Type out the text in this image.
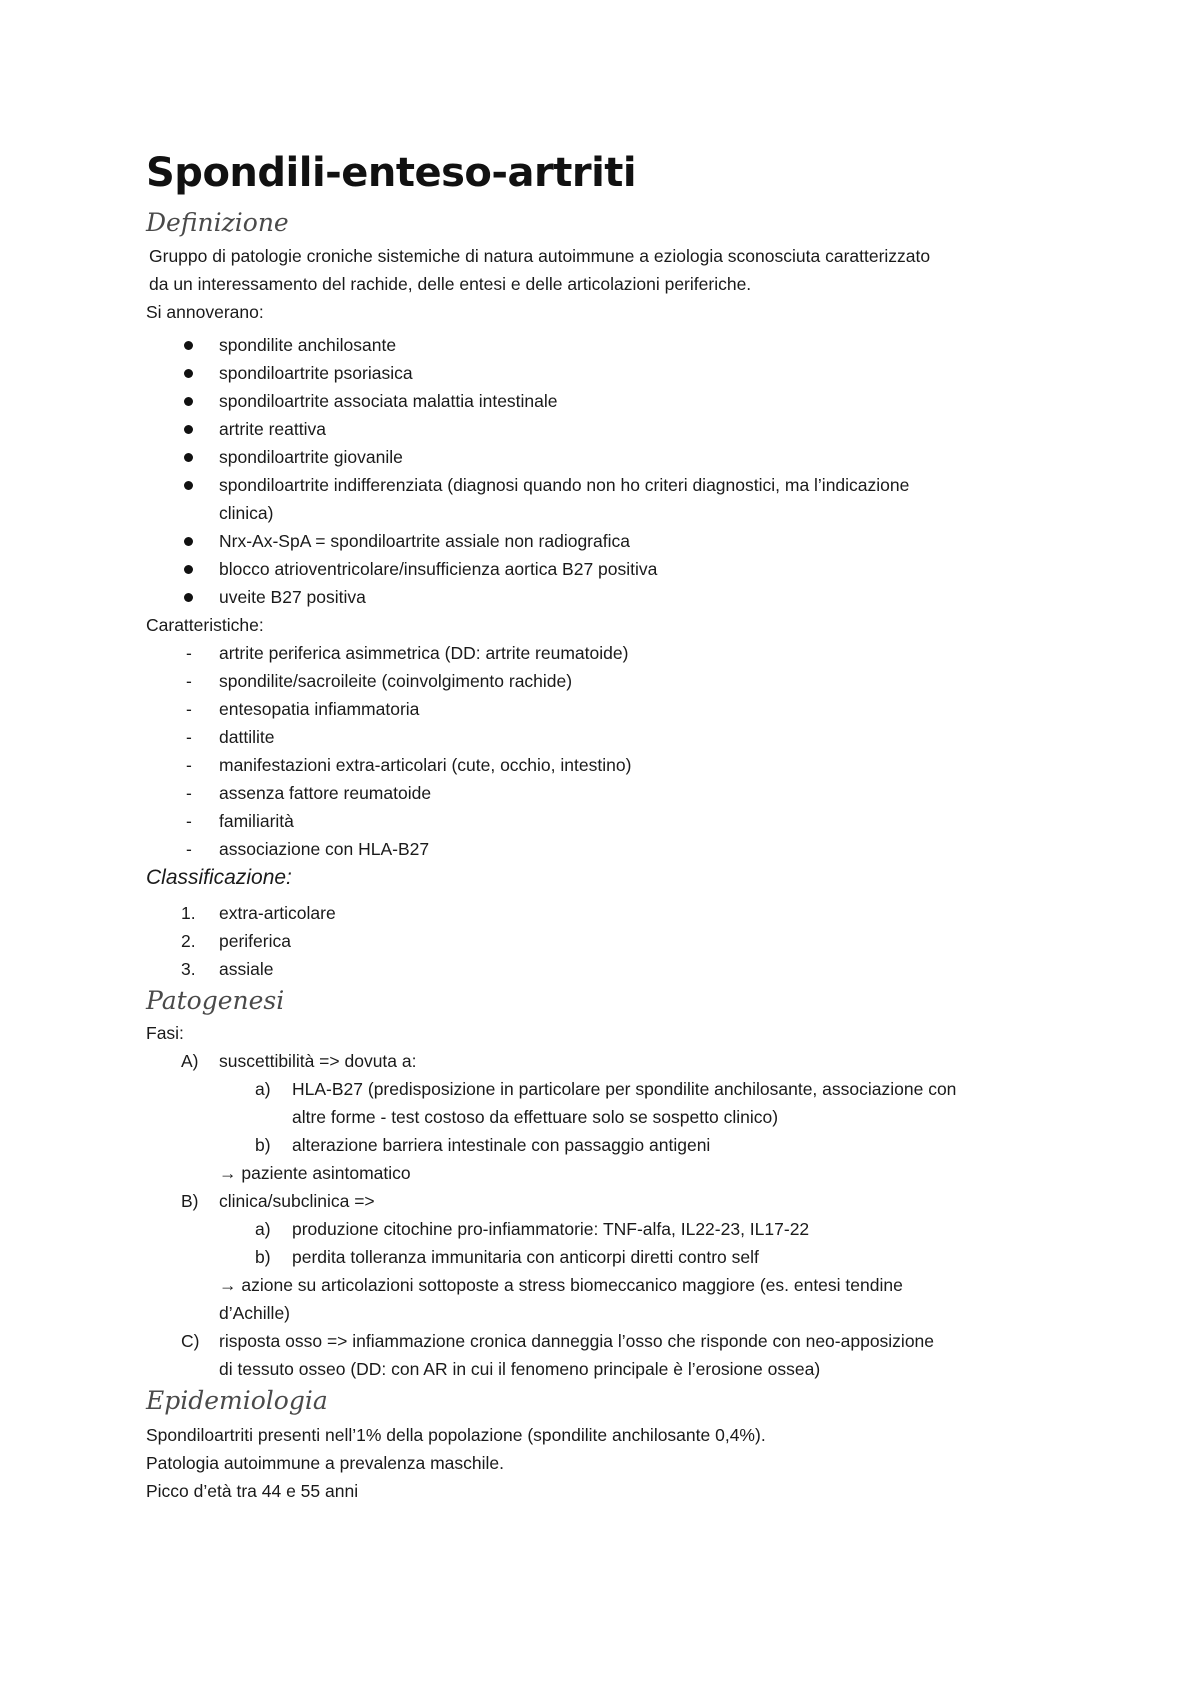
Spondili-enteso-artriti
Definizione
Gruppo di patologie croniche sistemiche di natura autoimmune a eziologia sconosciuta caratterizzato
da un interessamento del rachide, delle entesi e delle articolazioni periferiche.
Si annoverano:
spondilite anchilosante
spondiloartrite psoriasica
spondiloartrite associata malattia intestinale
artrite reattiva
spondiloartrite giovanile
spondiloartrite indifferenziata (diagnosi quando non ho criteri diagnostici, ma l’indicazione
clinica)
Nrx-Ax-SpA = spondiloartrite assiale non radiografica
blocco atrioventricolare/insufficienza aortica B27 positiva
uveite B27 positiva
Caratteristiche:
- artrite periferica asimmetrica (DD: artrite reumatoide)
- spondilite/sacroileite (coinvolgimento rachide)
- entesopatia infiammatoria
- dattilite
- manifestazioni extra-articolari (cute, occhio, intestino)
- assenza fattore reumatoide
- familiarità
- associazione con HLA-B27
Classificazione:
1. extra-articolare
2. periferica
3. assiale
Patogenesi
Fasi:
A) suscettibilità => dovuta a:
a) HLA-B27 (predisposizione in particolare per spondilite anchilosante, associazione con
altre forme - test costoso da effettuare solo se sospetto clinico)
b) alterazione barriera intestinale con passaggio antigeni
→ paziente asintomatico
B) clinica/subclinica =>
a) produzione citochine pro-infiammatorie: TNF-alfa, IL22-23, IL17-22
b) perdita tolleranza immunitaria con anticorpi diretti contro self
→ azione su articolazioni sottoposte a stress biomeccanico maggiore (es. entesi tendine
d’Achille)
C) risposta osso => infiammazione cronica danneggia l’osso che risponde con neo-apposizione
di tessuto osseo (DD: con AR in cui il fenomeno principale è l’erosione ossea)
Epidemiologia
Spondiloartriti presenti nell’1% della popolazione (spondilite anchilosante 0,4%).
Patologia autoimmune a prevalenza maschile.
Picco d’età tra 44 e 55 anni
